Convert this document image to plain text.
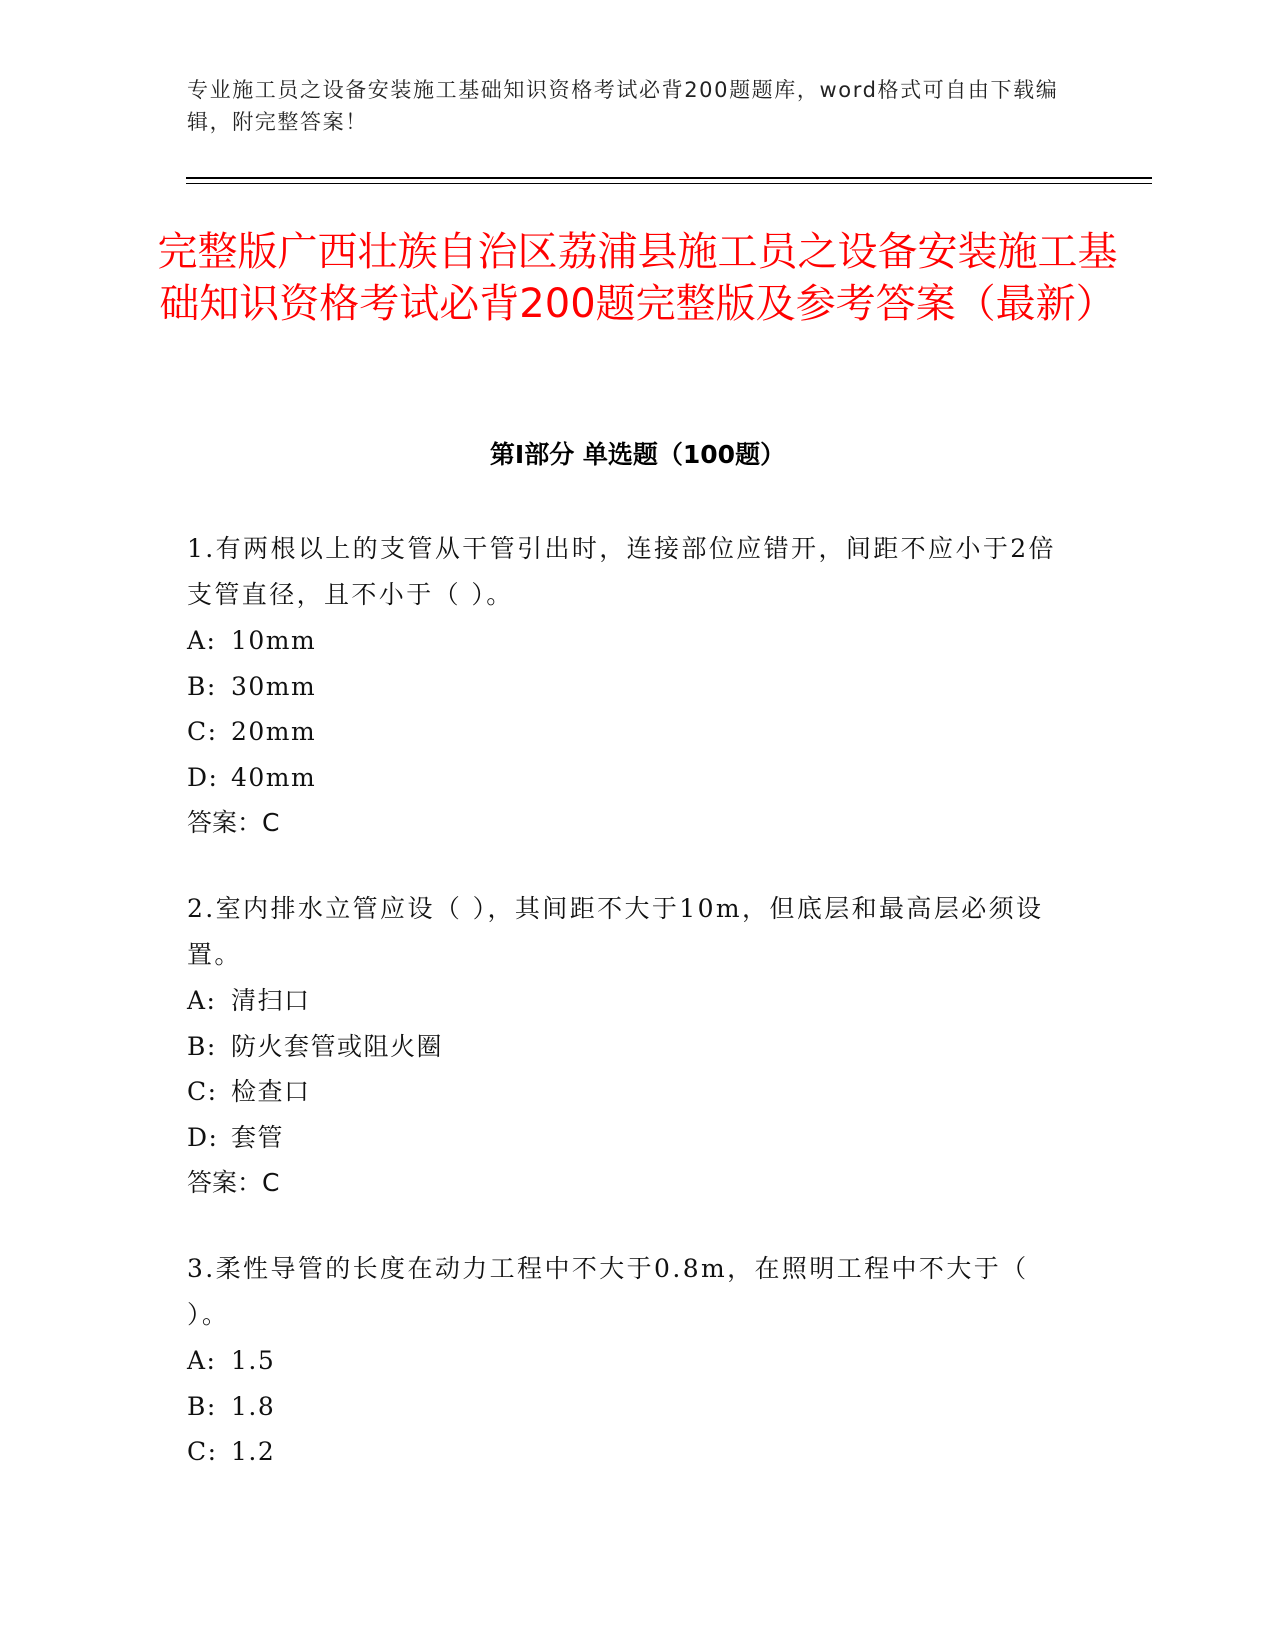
专业施工员之设备安装施工基础知识资格考试必背200题题库，word格式可自由下载编辑，附完整答案！
完整版广西壮族自治区荔浦县施工员之设备安装施工基础知识资格考试必背200题完整版及参考答案（最新）
第Ⅰ部分 单选题（100题）

1.有两根以上的支管从干管引出时，连接部位应错开，间距不应小于2倍支管直径，且不小于（ ）。

A: 10mm

B: 30mm

C: 20mm

D: 40mm

答案：C

2.室内排水立管应设（ ），其间距不大于10m，但底层和最高层必须设置。

A: 清扫口

B: 防火套管或阻火圈

C: 检查口

D: 套管

答案：C

3.柔性导管的长度在动力工程中不大于0.8m，在照明工程中不大于（ ）。

A: 1.5

B: 1.8

C: 1.2
